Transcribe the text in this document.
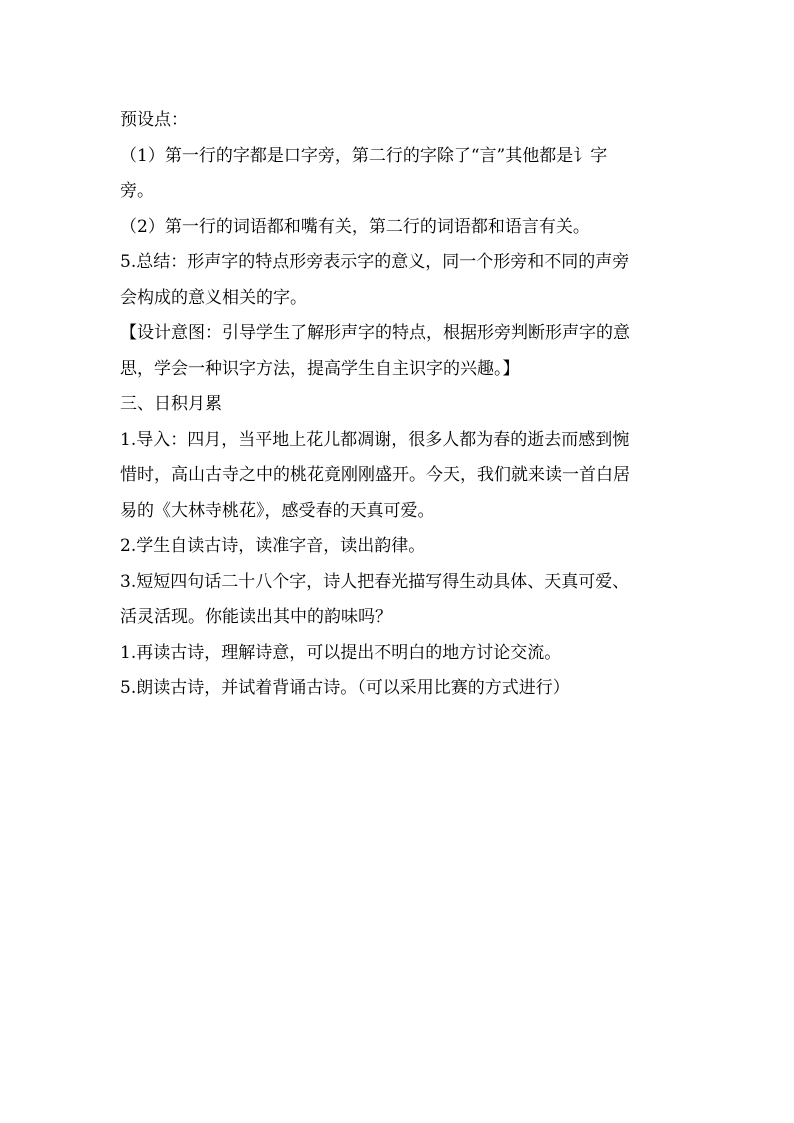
预设点：
（1）第一行的字都是口字旁，第二行的字除了“言”其他都是讠字
旁。
（2）第一行的词语都和嘴有关，第二行的词语都和语言有关。
5.总结：形声字的特点形旁表示字的意义，同一个形旁和不同的声旁
会构成的意义相关的字。
【设计意图：引导学生了解形声字的特点，根据形旁判断形声字的意
思，学会一种识字方法，提高学生自主识字的兴趣。】
三、日积月累
1.导入：四月，当平地上花儿都凋谢，很多人都为春的逝去而感到惋
惜时，高山古寺之中的桃花竟刚刚盛开。今天，我们就来读一首白居
易的《大林寺桃花》，感受春的天真可爱。
2.学生自读古诗，读准字音，读出韵律。
3.短短四句话二十八个字，诗人把春光描写得生动具体、天真可爱、
活灵活现。你能读出其中的韵味吗？
1.再读古诗，理解诗意，可以提出不明白的地方讨论交流。
5.朗读古诗，并试着背诵古诗。（可以采用比赛的方式进行）
